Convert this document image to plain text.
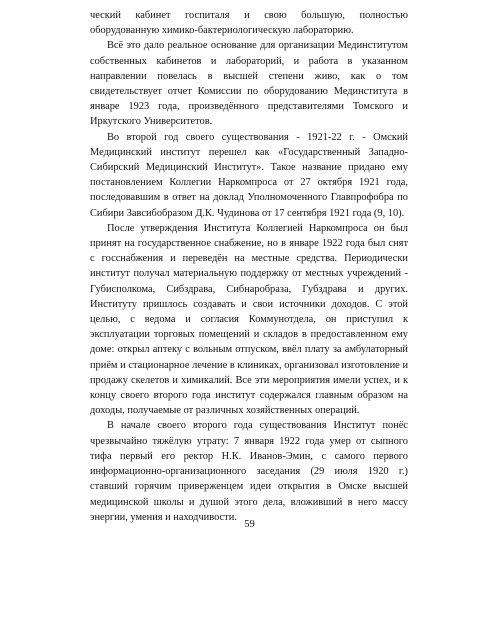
ческий кабинет госпиталя и свою большую, полностью оборудованную химико-бактериологическую лабораторию.

Всё это дало реальное основание для организации Мединститутом собственных кабинетов и лабораторий, и работа в указанном направлении повелась в высшей степени живо, как о том свидетельствует отчет Комиссии по оборудованию Мединститута в январе 1923 года, произведённого представителями Томского и Иркутского Университетов.

Во второй год своего существования - 1921-22 г. - Омский Медицинский институт перешел как «Государственный Западно-Сибирский Медицинский Институт». Такое название придано ему постановлением Коллегии Наркомпроса от 27 октября 1921 года, последовавшим в ответ на доклад Уполномоченного Главпрофобра по Сибири Завсибобразом Д.К. Чудинова от 17 сентября 1921 года (9, 10).

После утверждения Института Коллегией Наркомпроса он был принят на государственное снабжение, но в январе 1922 года был снят с госснабжения и переведён на местные средства. Периодически институт получал материальную поддержку от местных учреждений - Губисполкома, Сибздрава, Сибнаробраза, Губздрава и других. Институту пришлось создавать и свои источники доходов. С этой целью, с ведома и согласия Коммунотдела, он приступил к эксплуатации торговых помещений и складов в предоставленном ему доме: открыл аптеку с вольным отпуском, ввёл плату за амбулаторный приём и стационарное лечение в клиниках, организовал изготовление и продажу скелетов и химикалий. Все эти мероприятия имели успех, и к концу своего второго года институт содержался главным образом на доходы, получаемые от различных хозяйственных операций.

В начале своего второго года существования Институт понёс чрезвычайно тяжёлую утрату: 7 января 1922 года умер от сыпного тифа первый его ректор Н.К. Иванов-Эмин, с самого первого информационно-организационного заседания (29 июля 1920 г.) ставший горячим приверженцем идеи открытия в Омске высшей медицинской школы и душой этого дела, вложивший в него массу энергии, умения и находчивости.

59
